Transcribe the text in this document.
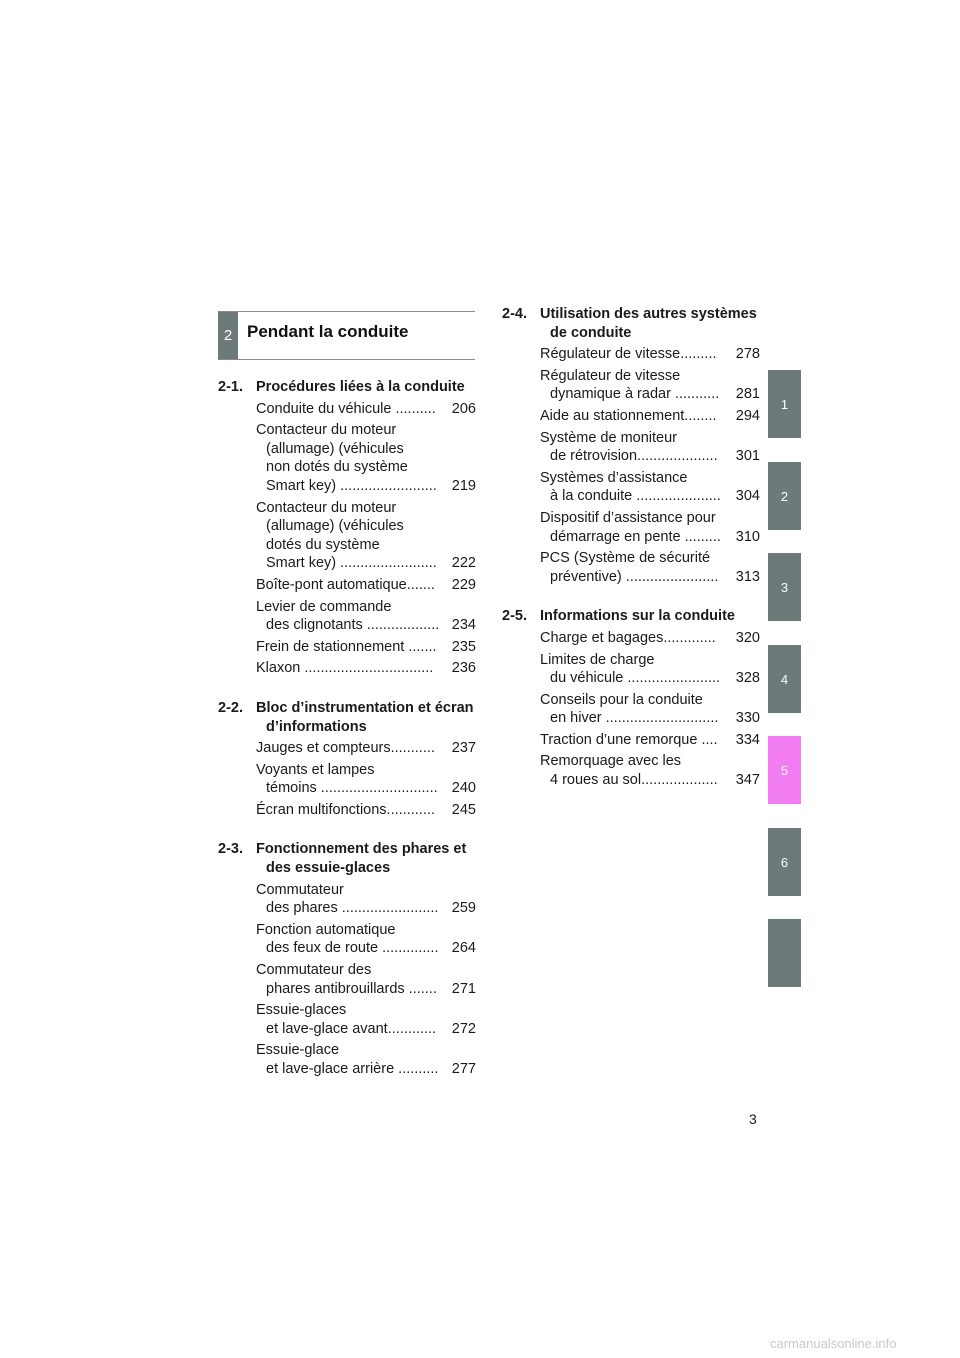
2 Pendant la conduite
2-1. Procédures liées à la conduite
Conduite du véhicule ..........	206
Contacteur du moteur
(allumage) (véhicules
non dotés du système
Smart key) ........................	219
Contacteur du moteur
(allumage) (véhicules
dotés du système
Smart key) ........................	222
Boîte-pont automatique.......	229
Levier de commande
des clignotants .................. 234
Frein de stationnement .......	235
Klaxon ................................	236
2-2. Bloc d’instrumentation et écran d’informations
Jauges et compteurs...........	237
Voyants et lampes
témoins ............................. 240
Écran multifonctions............	245
2-3. Fonctionnement des phares et des essuie-glaces
Commutateur
des phares ........................ 259
Fonction automatique
des feux de route .............. 264
Commutateur des
phares antibrouillards .......	271
Essuie-glaces
et lave-glace avant............	272
Essuie-glace
et lave-glace arrière .......... 277
2-4. Utilisation des autres systèmes de conduite
Régulateur de vitesse.........	278
Régulateur de vitesse
dynamique à radar ...........	281
Aide au stationnement........	294
Système de moniteur
de rétrovision....................	301
Systèmes d’assistance
à la conduite .....................	304
Dispositif d’assistance pour
démarrage en pente .........	310
PCS (Système de sécurité
préventive) .......................	313
2-5. Informations sur la conduite
Charge et bagages.............	320
Limites de charge
du véhicule .......................	328
Conseils pour la conduite
en hiver ............................	330
Traction d’une remorque ....	334
Remorquage avec les
4 roues au sol...................	347
1
2
3
4
5
6
3
carmanualsonline.info
